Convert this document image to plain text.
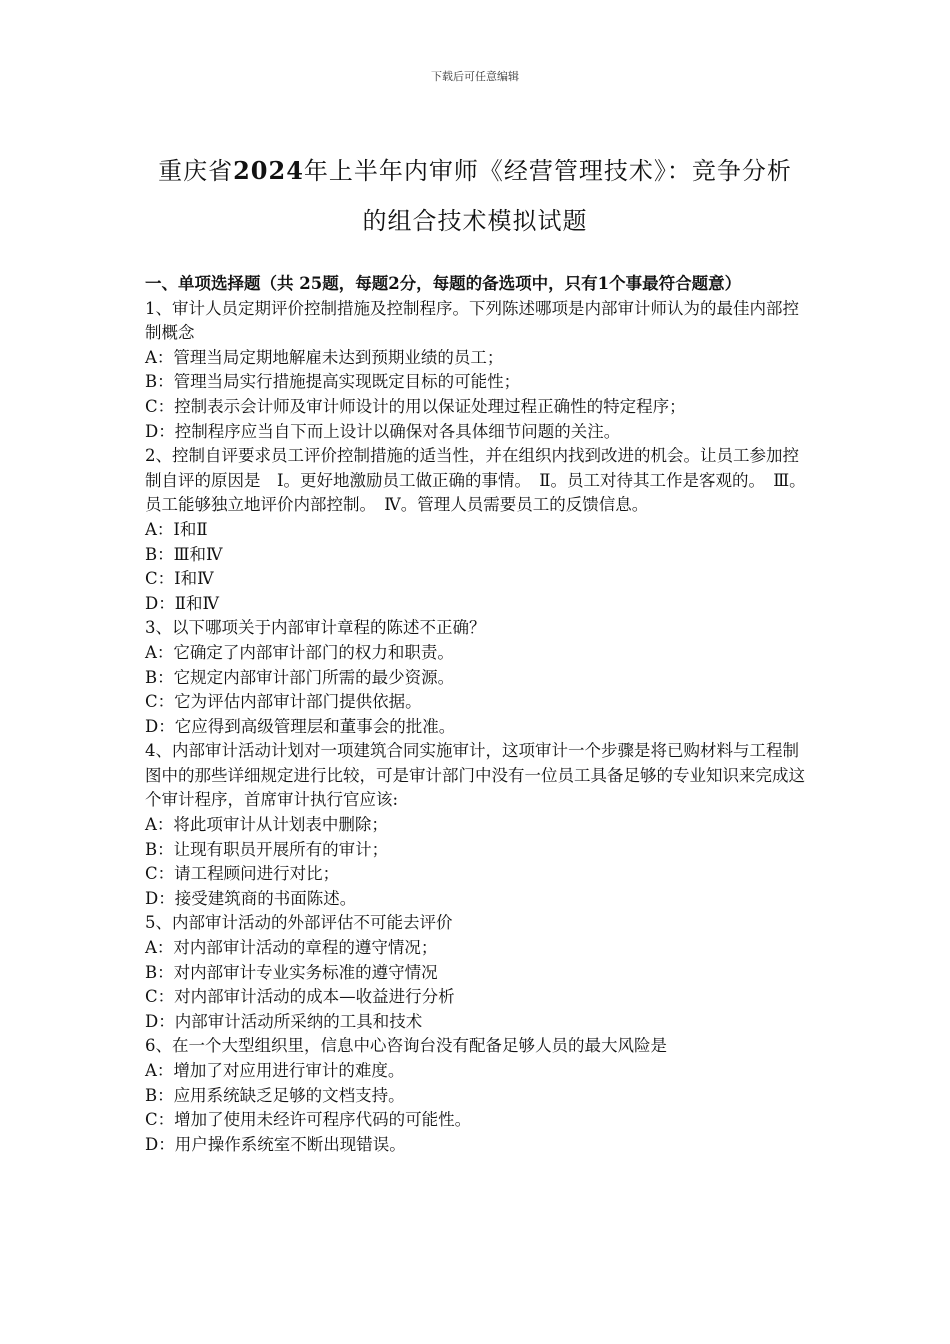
下载后可任意编辑
重庆省2024年上半年内审师《经营管理技术》：竞争分析
的组合技术模拟试题
一、单项选择题（共 25题，每题2分，每题的备选项中，只有1个事最符合题意）
1、审计人员定期评价控制措施及控制程序。下列陈述哪项是内部审计师认为的最佳内部控制概念
A：管理当局定期地解雇未达到预期业绩的员工；
B：管理当局实行措施提高实现既定目标的可能性；
C：控制表示会计师及审计师设计的用以保证处理过程正确性的特定程序；
D：控制程序应当自下而上设计以确保对各具体细节问题的关注。
2、控制自评要求员工评价控制措施的适当性，并在组织内找到改进的机会。让员工参加控制自评的原因是　Ⅰ。更好地激励员工做正确的事情。　Ⅱ。员工对待其工作是客观的。　Ⅲ。员工能够独立地评价内部控制。　Ⅳ。管理人员需要员工的反馈信息。
A：Ⅰ和Ⅱ
B：Ⅲ和Ⅳ
C：Ⅰ和Ⅳ
D：Ⅱ和Ⅳ
3、以下哪项关于内部审计章程的陈述不正确？
A：它确定了内部审计部门的权力和职责。
B：它规定内部审计部门所需的最少资源。
C：它为评估内部审计部门提供依据。
D：它应得到高级管理层和董事会的批准。
4、内部审计活动计划对一项建筑合同实施审计，这项审计一个步骤是将已购材料与工程制图中的那些详细规定进行比较，可是审计部门中没有一位员工具备足够的专业知识来完成这个审计程序，首席审计执行官应该:
A：将此项审计从计划表中删除；
B：让现有职员开展所有的审计；
C：请工程顾问进行对比；
D：接受建筑商的书面陈述。
5、内部审计活动的外部评估不可能去评价
A：对内部审计活动的章程的遵守情况；
B：对内部审计专业实务标准的遵守情况
C：对内部审计活动的成本—收益进行分析
D：内部审计活动所采纳的工具和技术
6、在一个大型组织里，信息中心咨询台没有配备足够人员的最大风险是
A：增加了对应用进行审计的难度。
B：应用系统缺乏足够的文档支持。
C：增加了使用未经许可程序代码的可能性。
D：用户操作系统室不断出现错误。
